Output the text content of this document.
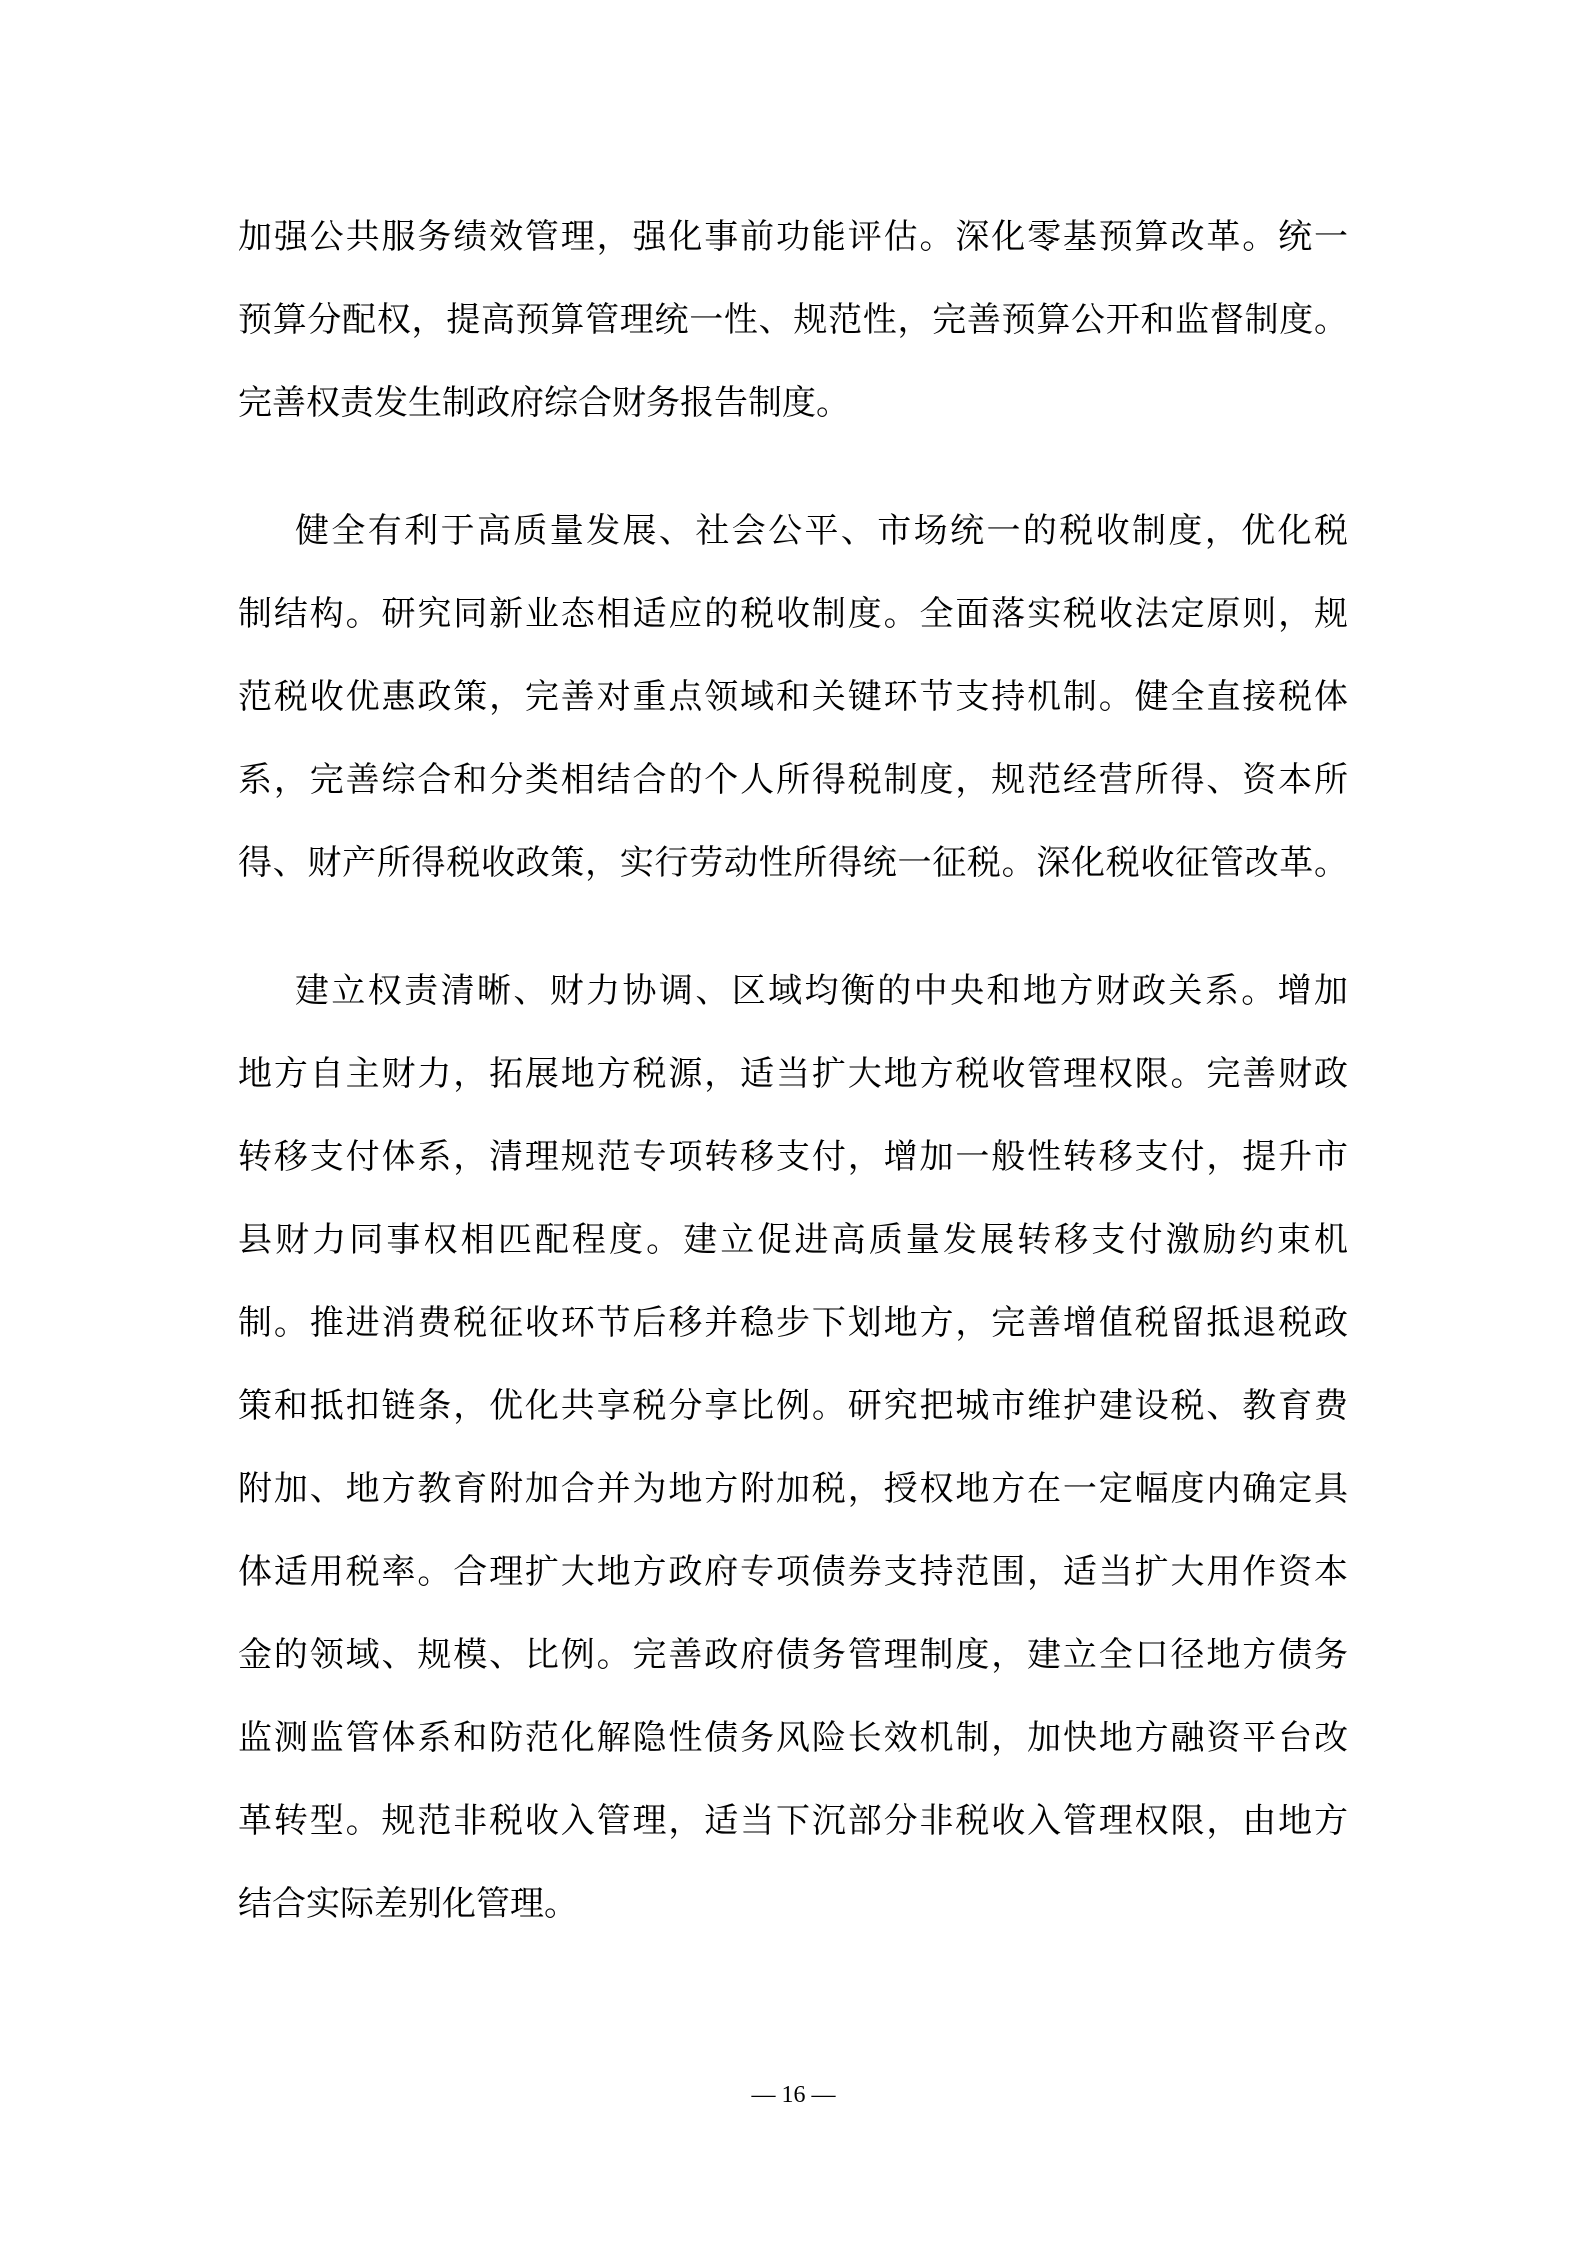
加强公共服务绩效管理，强化事前功能评估。深化零基预算改革。统一
预算分配权，提高预算管理统一性、规范性，完善预算公开和监督制度。
完善权责发生制政府综合财务报告制度。
健全有利于高质量发展、社会公平、市场统一的税收制度，优化税
制结构。研究同新业态相适应的税收制度。全面落实税收法定原则，规
范税收优惠政策，完善对重点领域和关键环节支持机制。健全直接税体
系，完善综合和分类相结合的个人所得税制度，规范经营所得、资本所
得、财产所得税收政策，实行劳动性所得统一征税。深化税收征管改革。
建立权责清晰、财力协调、区域均衡的中央和地方财政关系。增加
地方自主财力，拓展地方税源，适当扩大地方税收管理权限。完善财政
转移支付体系，清理规范专项转移支付，增加一般性转移支付，提升市
县财力同事权相匹配程度。建立促进高质量发展转移支付激励约束机
制。推进消费税征收环节后移并稳步下划地方，完善增值税留抵退税政
策和抵扣链条，优化共享税分享比例。研究把城市维护建设税、教育费
附加、地方教育附加合并为地方附加税，授权地方在一定幅度内确定具
体适用税率。合理扩大地方政府专项债券支持范围，适当扩大用作资本
金的领域、规模、比例。完善政府债务管理制度，建立全口径地方债务
监测监管体系和防范化解隐性债务风险长效机制，加快地方融资平台改
革转型。规范非税收入管理，适当下沉部分非税收入管理权限，由地方
结合实际差别化管理。
— 16 —
